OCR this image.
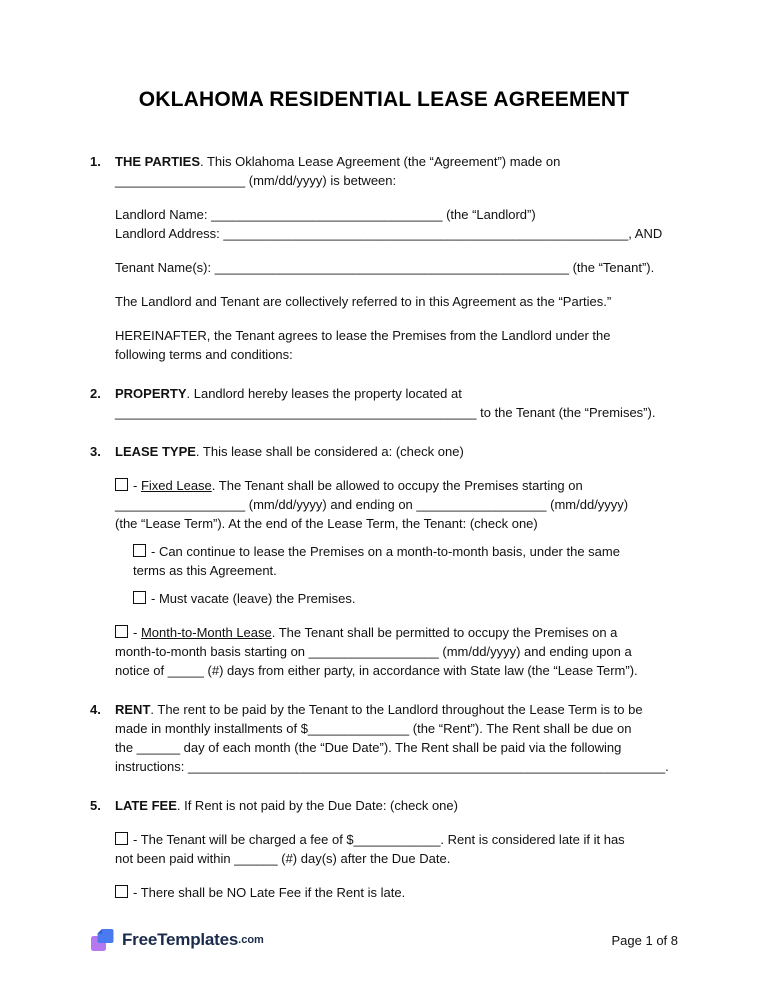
OKLAHOMA RESIDENTIAL LEASE AGREEMENT
1.	THE PARTIES. This Oklahoma Lease Agreement (the “Agreement”) made on
__________________ (mm/dd/yyyy) is between:
Landlord Name: ________________________________ (the “Landlord”)
Landlord Address: ________________________________________________________, AND
Tenant Name(s): _________________________________________________ (the “Tenant”).
The Landlord and Tenant are collectively referred to in this Agreement as the “Parties.”
HEREINAFTER, the Tenant agrees to lease the Premises from the Landlord under the
following terms and conditions:
2.	PROPERTY. Landlord hereby leases the property located at
__________________________________________________ to the Tenant (the “Premises”).
3.	LEASE TYPE. This lease shall be considered a: (check one)
- Fixed Lease. The Tenant shall be allowed to occupy the Premises starting on
__________________ (mm/dd/yyyy) and ending on __________________ (mm/dd/yyyy)
(the “Lease Term”). At the end of the Lease Term, the Tenant: (check one)
- Can continue to lease the Premises on a month-to-month basis, under the same
terms as this Agreement.
- Must vacate (leave) the Premises.
- Month-to-Month Lease. The Tenant shall be permitted to occupy the Premises on a
month-to-month basis starting on __________________ (mm/dd/yyyy) and ending upon a
notice of _____ (#) days from either party, in accordance with State law (the “Lease Term”).
4.	RENT. The rent to be paid by the Tenant to the Landlord throughout the Lease Term is to be
made in monthly installments of $______________ (the “Rent”). The Rent shall be due on
the ______ day of each month (the “Due Date”). The Rent shall be paid via the following
instructions: __________________________________________________________________.
5.	LATE FEE. If Rent is not paid by the Due Date: (check one)
- The Tenant will be charged a fee of $____________. Rent is considered late if it has
not been paid within ______ (#) day(s) after the Due Date.
- There shall be NO Late Fee if the Rent is late.
FreeTemplates .com	Page 1 of 8
